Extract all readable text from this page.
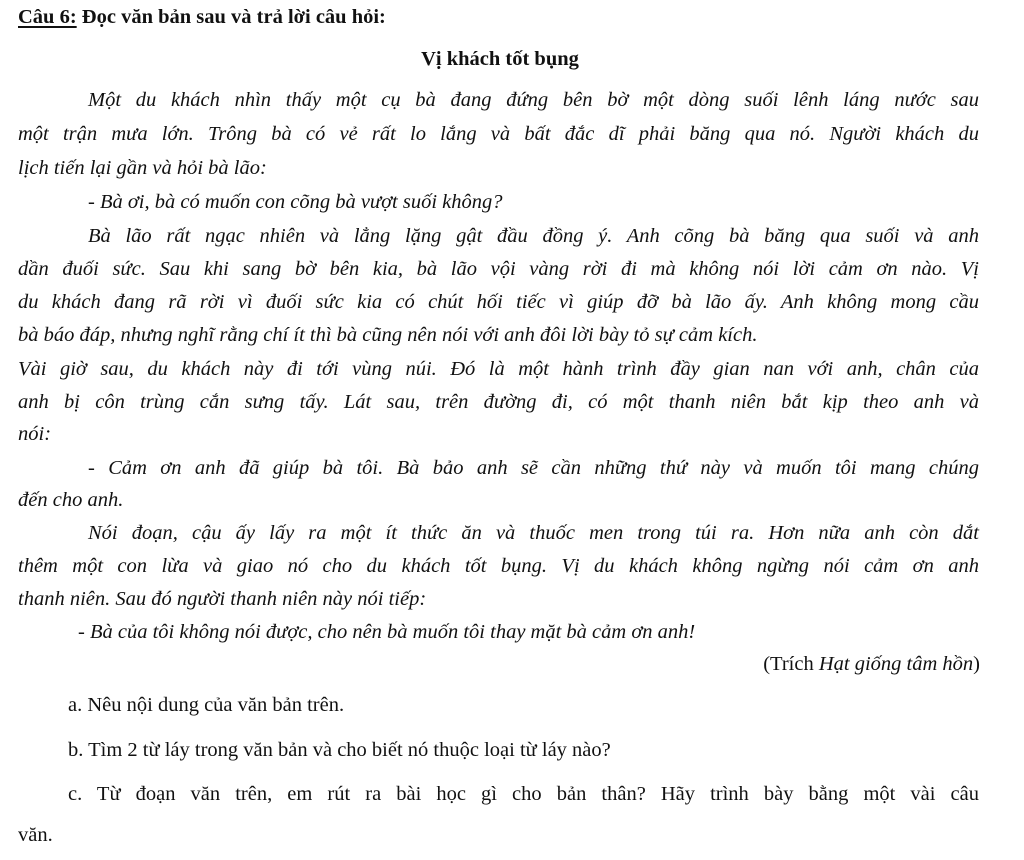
Câu 6: Đọc văn bản sau và trả lời câu hỏi:
Vị khách tốt bụng
Một du khách nhìn thấy một cụ bà đang đứng bên bờ một dòng suối lênh láng nước sau
một trận mưa lớn. Trông bà có vẻ rất lo lắng và bất đắc dĩ phải băng qua nó. Người khách du
lịch tiến lại gần và hỏi bà lão:
- Bà ơi, bà có muốn con cõng bà vượt suối không?
Bà lão rất ngạc nhiên và lẳng lặng gật đầu đồng ý. Anh cõng bà băng qua suối và anh
dần đuối sức. Sau khi sang bờ bên kia, bà lão vội vàng rời đi mà không nói lời cảm ơn nào. Vị
du khách đang rã rời vì đuối sức kia có chút hối tiếc vì giúp đỡ bà lão ấy. Anh không mong cầu
bà báo đáp, nhưng nghĩ rằng chí ít thì bà cũng nên nói với anh đôi lời bày tỏ sự cảm kích.
Vài giờ sau, du khách này đi tới vùng núi. Đó là một hành trình đầy gian nan với anh, chân của
anh bị côn trùng cắn sưng tấy. Lát sau, trên đường đi, có một thanh niên bắt kịp theo anh và
nói:
- Cảm ơn anh đã giúp bà tôi. Bà bảo anh sẽ cần những thứ này và muốn tôi mang chúng
đến cho anh.
Nói đoạn, cậu ấy lấy ra một ít thức ăn và thuốc men trong túi ra. Hơn nữa anh còn dắt
thêm một con lừa và giao nó cho du khách tốt bụng. Vị du khách không ngừng nói cảm ơn anh
thanh niên. Sau đó người thanh niên này nói tiếp:
- Bà của tôi không nói được, cho nên bà muốn tôi thay mặt bà cảm ơn anh!
(Trích Hạt giống tâm hồn)
a. Nêu nội dung của văn bản trên.
b. Tìm 2 từ láy trong văn bản và cho biết nó thuộc loại từ láy nào?
c. Từ đoạn văn trên, em rút ra bài học gì cho bản thân? Hãy trình bày bằng một vài câu
văn.
